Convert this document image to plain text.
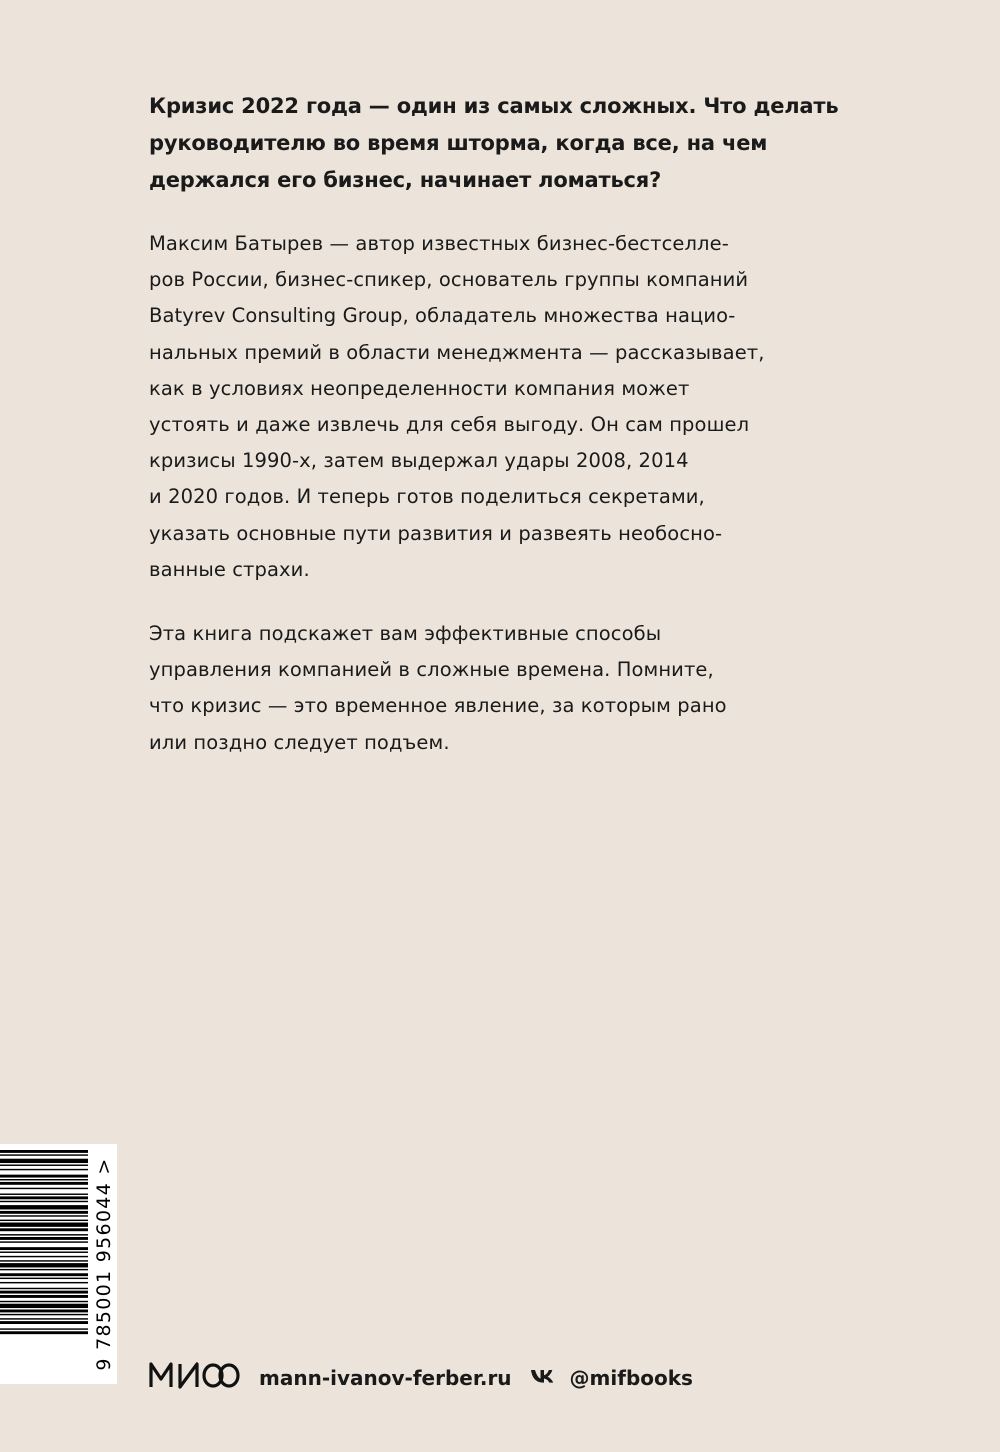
Кризис 2022 года — один из самых сложных. Что делать
руководителю во время шторма, когда все, на чем
держался его бизнес, начинает ломаться?
Максим Батырев — автор известных бизнес-бестселле-
ров России, бизнес-спикер, основатель группы компаний
Batyrev Consulting Group, обладатель множества нацио-
нальных премий в области менеджмента — рассказывает,
как в условиях неопределенности компания может
устоять и даже извлечь для себя выгоду. Он сам прошел
кризисы 1990-х, затем выдержал удары 2008, 2014
и 2020 годов. И теперь готов поделиться секретами,
указать основные пути развития и развеять необосно-
ванные страхи.
Эта книга подскажет вам эффективные способы
управления компанией в сложные времена. Помните,
что кризис — это временное явление, за которым рано
или поздно следует подъем.
9 785001 956044 >
mann-ivanov-ferber.ru	@mifbooks
